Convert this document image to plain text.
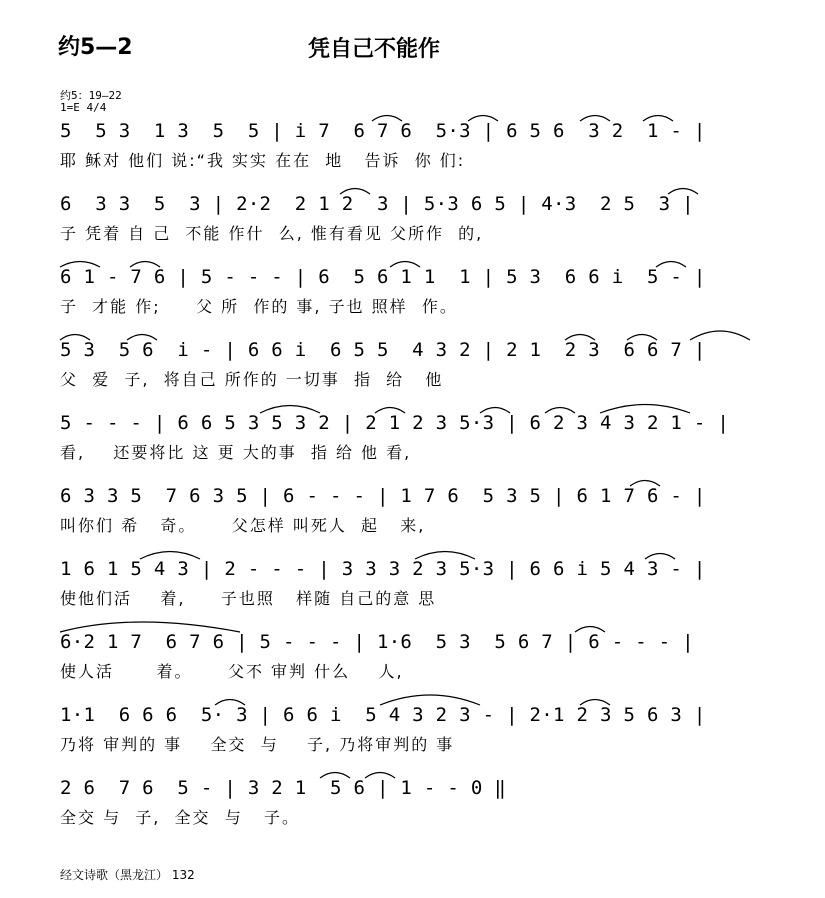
约5—2	凭自己不能作
约5：19—22
1=E 4/4
5  5 3  1 3  5  5 | i 7  6 7 6  5·3 | 6 5 6  3 2  1 - |
耶 稣对 他们 说:“我 实实 在在  地   告诉  你 们:
6  3 3  5  3 | 2·2  2 1 2  3 | 5·3 6 5 | 4·3  2 5  3 |
子 凭着 自 己  不能 作什  么, 惟有看见 父所作  的,
6 1 - 7 6 | 5 - - - | 6  5 6 1 1  1 | 5 3  6 6 i  5 - |
子  才能 作;     父 所  作的 事, 子也 照样  作。
5 3  5 6  i - | 6 6 i  6 5 5  4 3 2 | 2 1  2 3  6 6 7 |
父  爱  子,  将自己 所作的 一切事  指  给   他
5 - - - | 6 6 5 3 5 3 2 | 2 1 2 3 5·3 | 6 2 3 4 3 2 1 - |
看,    还要将比 这 更 大的事  指 给 他 看,
6 3 3 5  7 6 3 5 | 6 - - - | 1 7 6  5 3 5 | 6 1 7 6 - |
叫你们 希   奇。     父怎样 叫死人  起   来,
1 6 1 5 4 3 | 2 - - - | 3 3 3 2 3 5·3 | 6 6 i 5 4 3 - |
使他们活    着,     子也照   样随 自己的意 思
6·2 1 7  6 7 6 | 5 - - - | 1·6  5 3  5 6 7 | 6 - - - |
使人活      着。     父不 审判 什么    人,
1·1  6 6 6  5· 3 | 6 6 i  5 4 3 2 3 - | 2·1 2 3 5 6 3 |
乃将 审判的 事    全交  与    子, 乃将审判的 事
2 6  7 6  5 - | 3 2 1  5 6 | 1 - - 0 ‖
全交 与  子,  全交  与   子。
经文诗歌（黑龙江） 132
